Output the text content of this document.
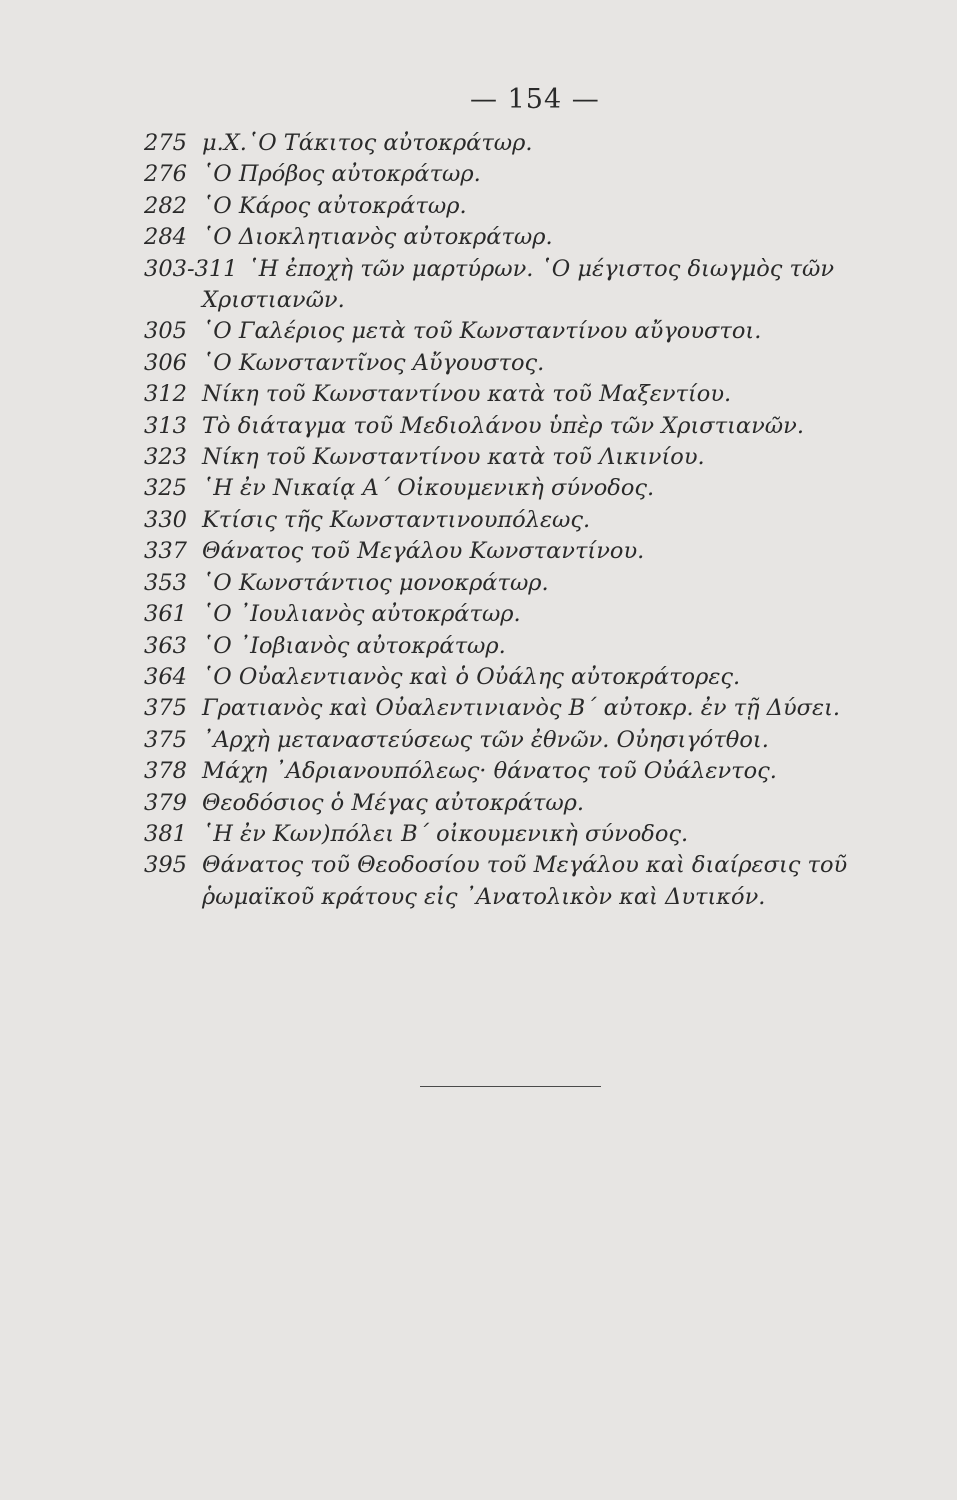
— 154 —
275 μ.Χ.῾Ο Τάκιτος αὐτοκράτωρ.
276 ῾Ο Πρόβος αὐτοκράτωρ.
282 ῾Ο Κάρος αὐτοκράτωρ.
284 ῾Ο Διοκλητιανὸς αὐτοκράτωρ.
303-311 ῾Η ἐποχὴ τῶν μαρτύρων. ῾Ο μέγιστος διωγμὸς τῶν
Χριστιανῶν.
305 ῾Ο Γαλέριος μετὰ τοῦ Κωνσταντίνου αὔγουστοι.
306 ῾Ο Κωνσταντῖνος Αὔγουστος.
312 Νίκη τοῦ Κωνσταντίνου κατὰ τοῦ Μαξεντίου.
313 Τὸ διάταγμα τοῦ Μεδιολάνου ὑπὲρ τῶν Χριστιανῶν.
323 Νίκη τοῦ Κωνσταντίνου κατὰ τοῦ Λικινίου.
325 ῾Η ἐν Νικαίᾳ Α΄ Οἰκουμενικὴ σύνοδος.
330 Κτίσις τῆς Κωνσταντινουπόλεως.
337 Θάνατος τοῦ Μεγάλου Κωνσταντίνου.
353 ῾Ο Κωνστάντιος μονοκράτωρ.
361 ῾Ο ᾿Ιουλιανὸς αὐτοκράτωρ.
363 ῾Ο ᾿Ιοβιανὸς αὐτοκράτωρ.
364 ῾Ο Οὐαλεντιανὸς καὶ ὁ Οὐάλης αὐτοκράτορες.
375 Γρατιανὸς καὶ Οὐαλεντινιανὸς Β΄ αὐτοκρ. ἐν τῇ Δύσει.
375 ᾿Αρχὴ μεταναστεύσεως τῶν ἐθνῶν. Οὐησιγότθοι.
378 Μάχη ᾿Αδριανουπόλεως· θάνατος τοῦ Οὐάλεντος.
379 Θεοδόσιος ὁ Μέγας αὐτοκράτωρ.
381 ῾Η ἐν Κων)πόλει Β΄ οἰκουμενικὴ σύνοδος.
395 Θάνατος τοῦ Θεοδοσίου τοῦ Μεγάλου καὶ διαίρεσις τοῦ
ῥωμαϊκοῦ κράτους εἰς ᾿Ανατολικὸν καὶ Δυτικόν.
